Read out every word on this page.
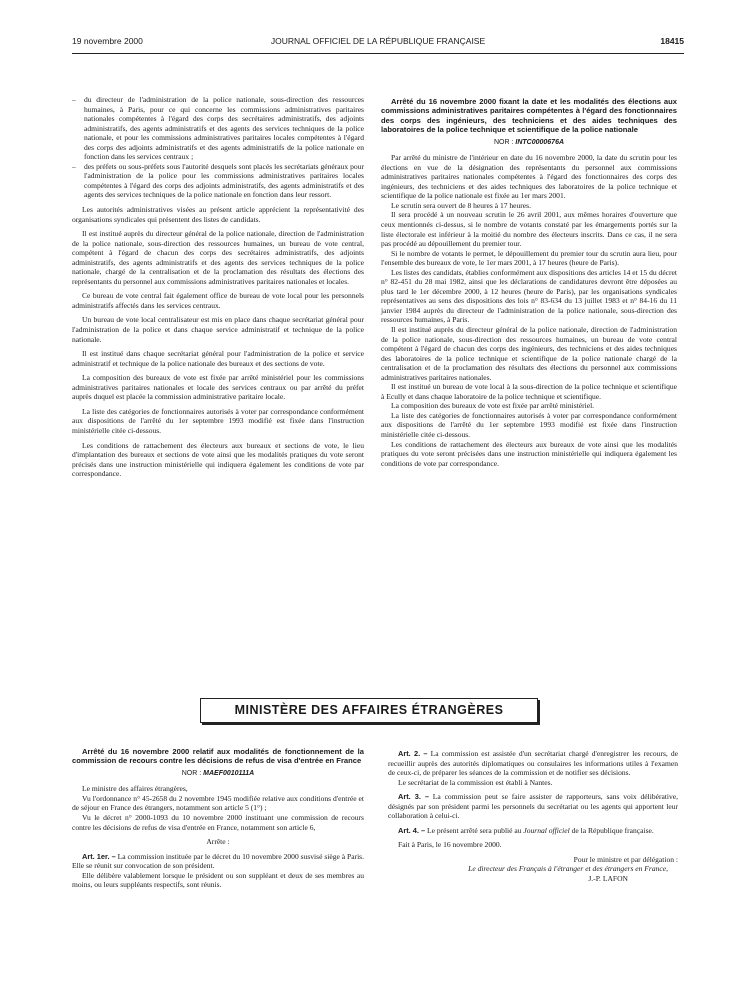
19 novembre 2000	JOURNAL OFFICIEL DE LA RÉPUBLIQUE FRANÇAISE	18415

– du directeur de l'administration de la police nationale, sous-direction des ressources humaines, à Paris, pour ce qui concerne les commissions administratives paritaires nationales compétentes à l'égard des corps des secrétaires administratifs, des adjoints administratifs, des agents administratifs et des agents des services techniques de la police nationale, et pour les commissions administratives paritaires locales compétentes à l'égard des corps des adjoints administratifs et des agents administratifs de la police nationale en fonction dans les services centraux ;

– des préfets ou sous-préfets sous l'autorité desquels sont placés les secrétariats généraux pour l'administration de la police pour les commissions administratives paritaires locales compétentes à l'égard des corps des adjoints administratifs, des agents administratifs et des agents des services techniques de la police nationale en fonction dans leur ressort.

Les autorités administratives visées au présent article apprécient la représentativité des organisations syndicales qui présentent des listes de candidats.

Il est institué auprès du directeur général de la police nationale, direction de l'administration de la police nationale, sous-direction des ressources humaines, un bureau de vote central, compétent à l'égard de chacun des corps des secrétaires administratifs, des adjoints administratifs, des agents administratifs et des agents des services techniques de la police nationale, chargé de la centralisation et de la proclamation des résultats des élections des représentants du personnel aux commissions administratives paritaires nationales et locales.

Ce bureau de vote central fait également office de bureau de vote local pour les personnels administratifs affectés dans les services centraux.

Un bureau de vote local centralisateur est mis en place dans chaque secrétariat général pour l'administration de la police et dans chaque service administratif et technique de la police nationale.

Il est institué dans chaque secrétariat général pour l'administration de la police et service administratif et technique de la police nationale des bureaux et des sections de vote.

La composition des bureaux de vote est fixée par arrêté ministériel pour les commissions administratives paritaires nationales et locale des services centraux ou par arrêté du préfet auprès duquel est placée la commission administrative paritaire locale.

La liste des catégories de fonctionnaires autorisés à voter par correspondance conformément aux dispositions de l'arrêté du 1er septembre 1993 modifié est fixée dans l'instruction ministérielle citée ci-dessous.

Les conditions de rattachement des électeurs aux bureaux et sections de vote, le lieu d'implantation des bureaux et sections de vote ainsi que les modalités pratiques du vote seront précisés dans une instruction ministérielle qui indiquera également les conditions de vote par correspondance.

Arrêté du 16 novembre 2000 fixant la date et les modalités des élections aux commissions administratives paritaires compétentes à l'égard des fonctionnaires des corps des ingénieurs, des techniciens et des aides techniques des laboratoires de la police technique et scientifique de la police nationale

NOR : INTC0000676A

Par arrêté du ministre de l'intérieur en date du 16 novembre 2000, la date du scrutin pour les élections en vue de la désignation des représentants du personnel aux commissions administratives paritaires nationales compétentes à l'égard des fonctionnaires des corps des ingénieurs, des techniciens et des aides techniques des laboratoires de la police technique et scientifique de la police nationale est fixée au 1er mars 2001.

Le scrutin sera ouvert de 8 heures à 17 heures.

Il sera procédé à un nouveau scrutin le 26 avril 2001, aux mêmes horaires d'ouverture que ceux mentionnés ci-dessus, si le nombre de votants constaté par les émargements portés sur la liste électorale est inférieur à la moitié du nombre des électeurs inscrits. Dans ce cas, il ne sera pas procédé au dépouillement du premier tour.

Si le nombre de votants le permet, le dépouillement du premier tour du scrutin aura lieu, pour l'ensemble des bureaux de vote, le 1er mars 2001, à 17 heures (heure de Paris).

Les listes des candidats, établies conformément aux dispositions des articles 14 et 15 du décret n° 82-451 du 28 mai 1982, ainsi que les déclarations de candidatures devront être déposées au plus tard le 1er décembre 2000, à 12 heures (heure de Paris), par les organisations syndicales représentatives au sens des dispositions des lois n° 83-634 du 13 juillet 1983 et n° 84-16 du 11 janvier 1984 auprès du directeur de l'administration de la police nationale, sous-direction des ressources humaines, à Paris.

Il est institué auprès du directeur général de la police nationale, direction de l'administration de la police nationale, sous-direction des ressources humaines, un bureau de vote central compétent à l'égard de chacun des corps des ingénieurs, des techniciens et des aides techniques des laboratoires de la police technique et scientifique de la police nationale chargé de la centralisation et de la proclamation des résultats des élections du personnel aux commissions administratives paritaires nationales.

Il est institué un bureau de vote local à la sous-direction de la police technique et scientifique à Ecully et dans chaque laboratoire de la police technique et scientifique.

La composition des bureaux de vote est fixée par arrêté ministériel.

La liste des catégories de fonctionnaires autorisés à voter par correspondance conformément aux dispositions de l'arrêté du 1er septembre 1993 modifié est fixée dans l'instruction ministérielle citée ci-dessous.

Les conditions de rattachement des électeurs aux bureaux de vote ainsi que les modalités pratiques du vote seront précisées dans une instruction ministérielle qui indiquera également les conditions de vote par correspondance.

MINISTÈRE DES AFFAIRES ÉTRANGÈRES

Arrêté du 16 novembre 2000 relatif aux modalités de fonctionnement de la commission de recours contre les décisions de refus de visa d'entrée en France

NOR : MAEF0010111A

Le ministre des affaires étrangères,

Vu l'ordonnance n° 45-2658 du 2 novembre 1945 modifiée relative aux conditions d'entrée et de séjour en France des étrangers, notamment son article 5 (1°) ;

Vu le décret n° 2000-1093 du 10 novembre 2000 instituant une commission de recours contre les décisions de refus de visa d'entrée en France, notamment son article 6,

Arrête :

Art. 1er. – La commission instituée par le décret du 10 novembre 2000 susvisé siège à Paris. Elle se réunit sur convocation de son président.

Elle délibère valablement lorsque le président ou son suppléant et deux de ses membres au moins, ou leurs suppléants respectifs, sont réunis.

Art. 2. – La commission est assistée d'un secrétariat chargé d'enregistrer les recours, de recueillir auprès des autorités diplomatiques ou consulaires les informations utiles à l'examen de ceux-ci, de préparer les séances de la commission et de notifier ses décisions.

Le secrétariat de la commission est établi à Nantes.

Art. 3. – La commission peut se faire assister de rapporteurs, sans voix délibérative, désignés par son président parmi les personnels du secrétariat ou les agents qui apportent leur collaboration à celui-ci.

Art. 4. – Le présent arrêté sera publié au Journal officiel de la République française.

Fait à Paris, le 16 novembre 2000.

Pour le ministre et par délégation :

Le directeur des Français à l'étranger et des étrangers en France,

J.-P. LAFON
